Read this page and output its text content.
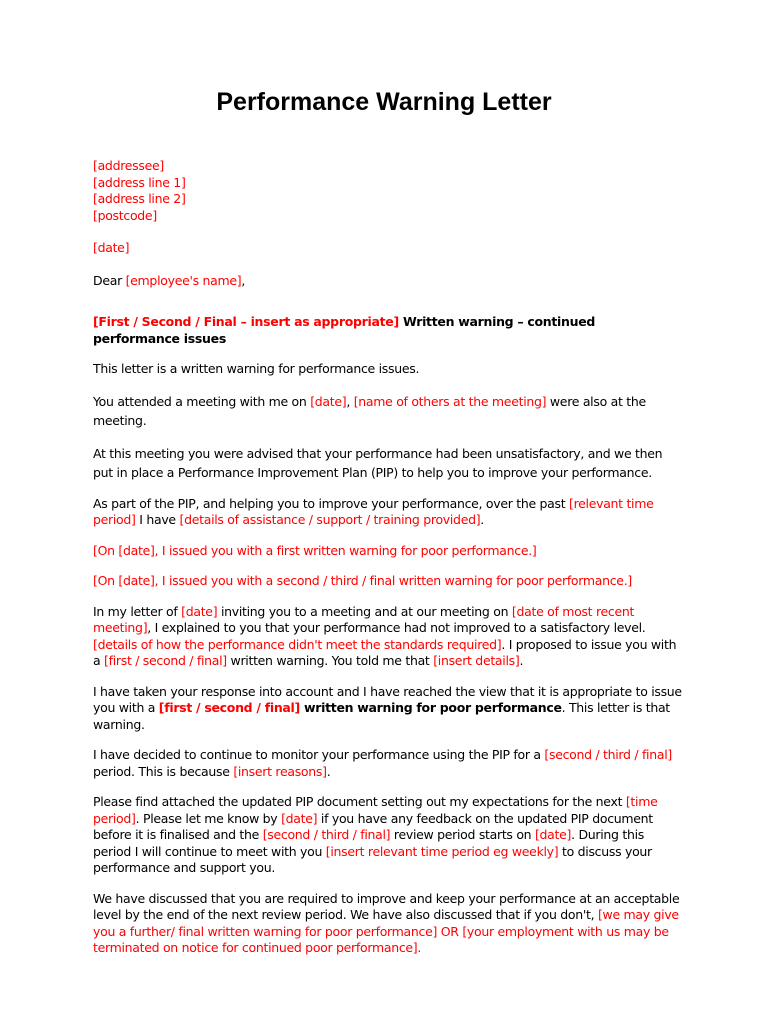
Performance Warning Letter

[addressee]
[address line 1]
[address line 2]
[postcode]

[date]

Dear [employee's name],

[First / Second / Final – insert as appropriate] Written warning – continued performance issues

This letter is a written warning for performance issues.

You attended a meeting with me on [date], [name of others at the meeting] were also at the meeting.

At this meeting you were advised that your performance had been unsatisfactory, and we then put in place a Performance Improvement Plan (PIP) to help you to improve your performance.

As part of the PIP, and helping you to improve your performance, over the past [relevant time period] I have [details of assistance / support / training provided].

[On [date], I issued you with a first written warning for poor performance.]

[On [date], I issued you with a second / third / final written warning for poor performance.]

In my letter of [date] inviting you to a meeting and at our meeting on [date of most recent meeting], I explained to you that your performance had not improved to a satisfactory level. [details of how the performance didn't meet the standards required]. I proposed to issue you with a [first / second / final] written warning. You told me that [insert details].

I have taken your response into account and I have reached the view that it is appropriate to issue you with a [first / second / final] written warning for poor performance. This letter is that warning.

I have decided to continue to monitor your performance using the PIP for a [second / third / final] period. This is because [insert reasons].

Please find attached the updated PIP document setting out my expectations for the next [time period]. Please let me know by [date] if you have any feedback on the updated PIP document before it is finalised and the [second / third / final] review period starts on [date]. During this period I will continue to meet with you [insert relevant time period eg weekly] to discuss your performance and support you.

We have discussed that you are required to improve and keep your performance at an acceptable level by the end of the next review period. We have also discussed that if you don't, [we may give you a further/ final written warning for poor performance] OR [your employment with us may be terminated on notice for continued poor performance].
